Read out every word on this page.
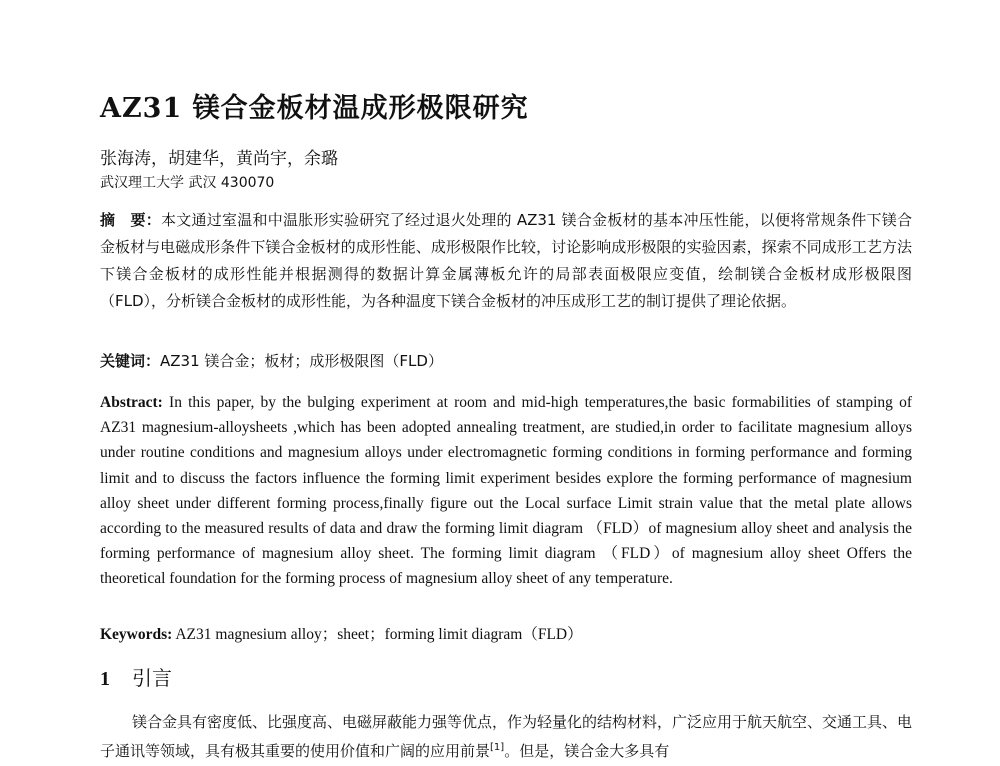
AZ31 镁合金板材温成形极限研究
张海涛，胡建华，黄尚宇，余璐
武汉理工大学 武汉 430070
摘　要：本文通过室温和中温胀形实验研究了经过退火处理的 AZ31 镁合金板材的基本冲压性能，以便将常规条件下镁合金板材与电磁成形条件下镁合金板材的成形性能、成形极限作比较，讨论影响成形极限的实验因素，探索不同成形工艺方法下镁合金板材的成形性能并根据测得的数据计算金属薄板允许的局部表面极限应变值，绘制镁合金板材成形极限图（FLD），分析镁合金板材的成形性能，为各种温度下镁合金板材的冲压成形工艺的制订提供了理论依据。
关键词：AZ31 镁合金；板材；成形极限图（FLD）
Abstract: In this paper, by the bulging experiment at room and mid-high temperatures,the basic formabilities of stamping of AZ31 magnesium-alloysheets ,which has been adopted annealing treatment, are studied,in order to facilitate magnesium alloys under routine conditions and magnesium alloys under electromagnetic forming conditions in forming performance and forming limit and to discuss the factors influence the forming limit experiment besides explore the forming performance of magnesium alloy sheet under different forming process,finally figure out the Local surface Limit strain value that the metal plate allows according to the measured results of data and draw the forming limit diagram （FLD）of magnesium alloy sheet and analysis the forming performance of magnesium alloy sheet. The forming limit diagram （FLD）of magnesium alloy sheet Offers the theoretical foundation for the forming process of magnesium alloy sheet of any temperature.
Keywords: AZ31 magnesium alloy；sheet；forming limit diagram（FLD）
1 引言
镁合金具有密度低、比强度高、电磁屏蔽能力强等优点，作为轻量化的结构材料，广泛应用于航天航空、交通工具、电子通讯等领域，具有极其重要的使用价值和广阔的应用前景[1]。但是，镁合金大多具有
